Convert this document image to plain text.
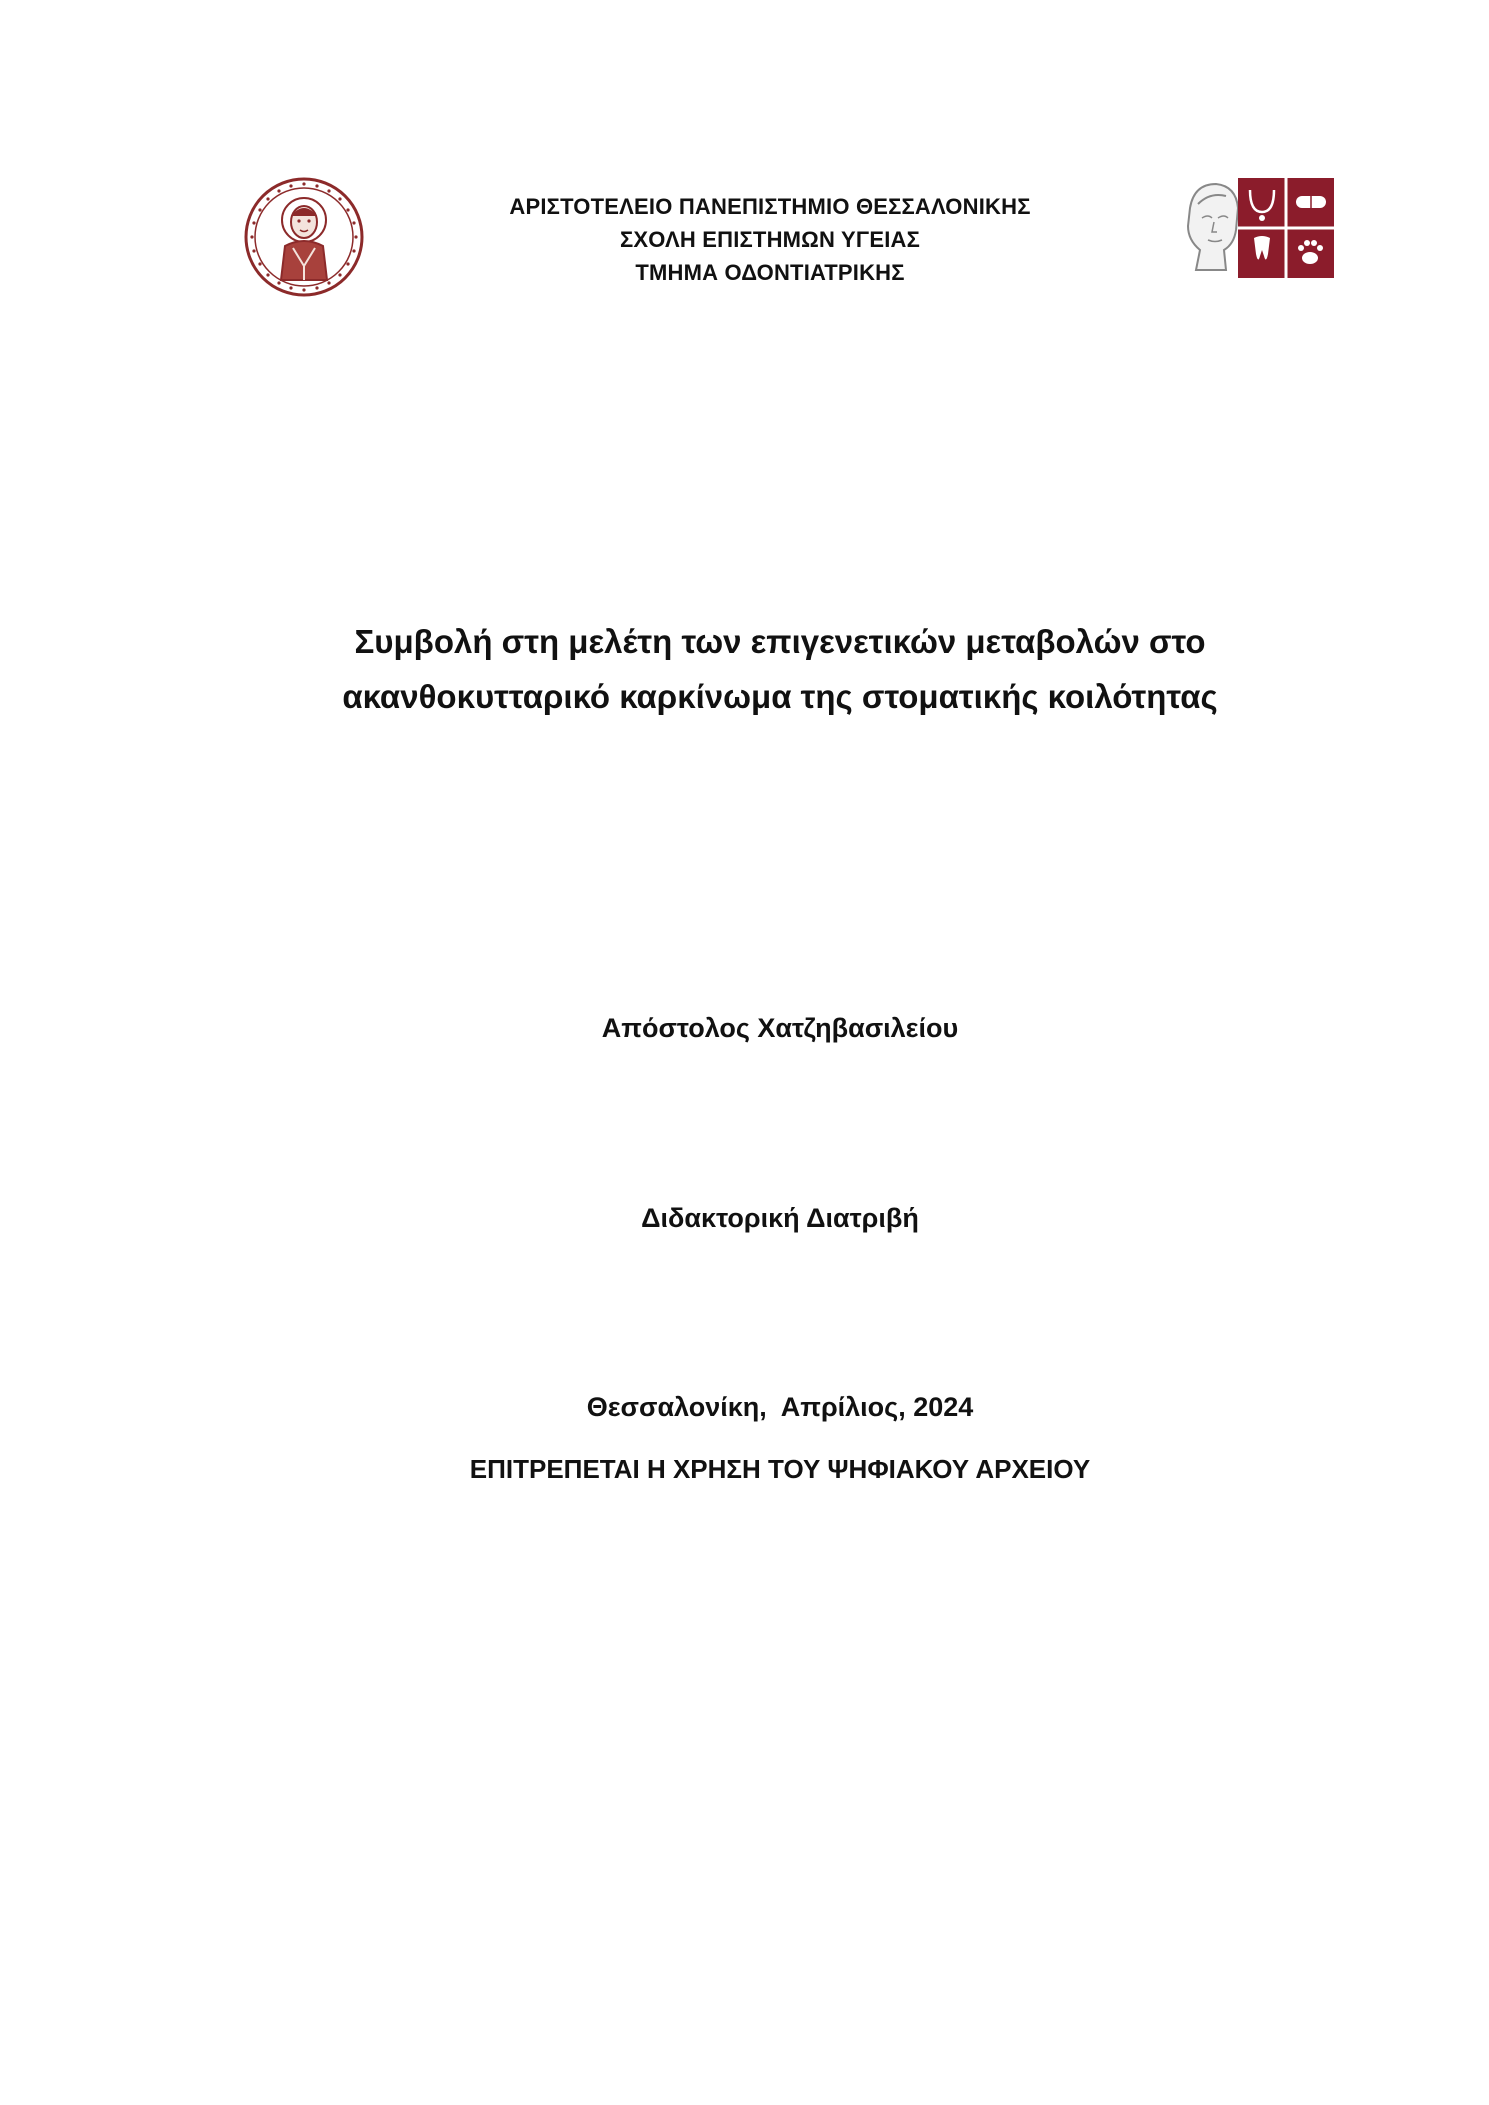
ΑΡΙΣΤΟΤΕΛΕΙΟ ΠΑΝΕΠΙΣΤΗΜΙΟ ΘΕΣΣΑΛΟΝΙΚΗΣ
ΣΧΟΛΗ ΕΠΙΣΤΗΜΩΝ ΥΓΕΙΑΣ
ΤΜΗΜΑ ΟΔΟΝΤΙΑΤΡΙΚΗΣ
Συμβολή στη μελέτη των επιγενετικών μεταβολών στο
ακανθοκυτταρικό καρκίνωμα της στοματικής κοιλότητας
Απόστολος Χατζηβασιλείου
Διδακτορική Διατριβή
Θεσσαλονίκη,  Απρίλιος, 2024
ΕΠΙΤΡΕΠΕΤΑΙ Η ΧΡΗΣΗ ΤΟΥ ΨΗΦΙΑΚΟΥ ΑΡΧΕΙΟΥ
